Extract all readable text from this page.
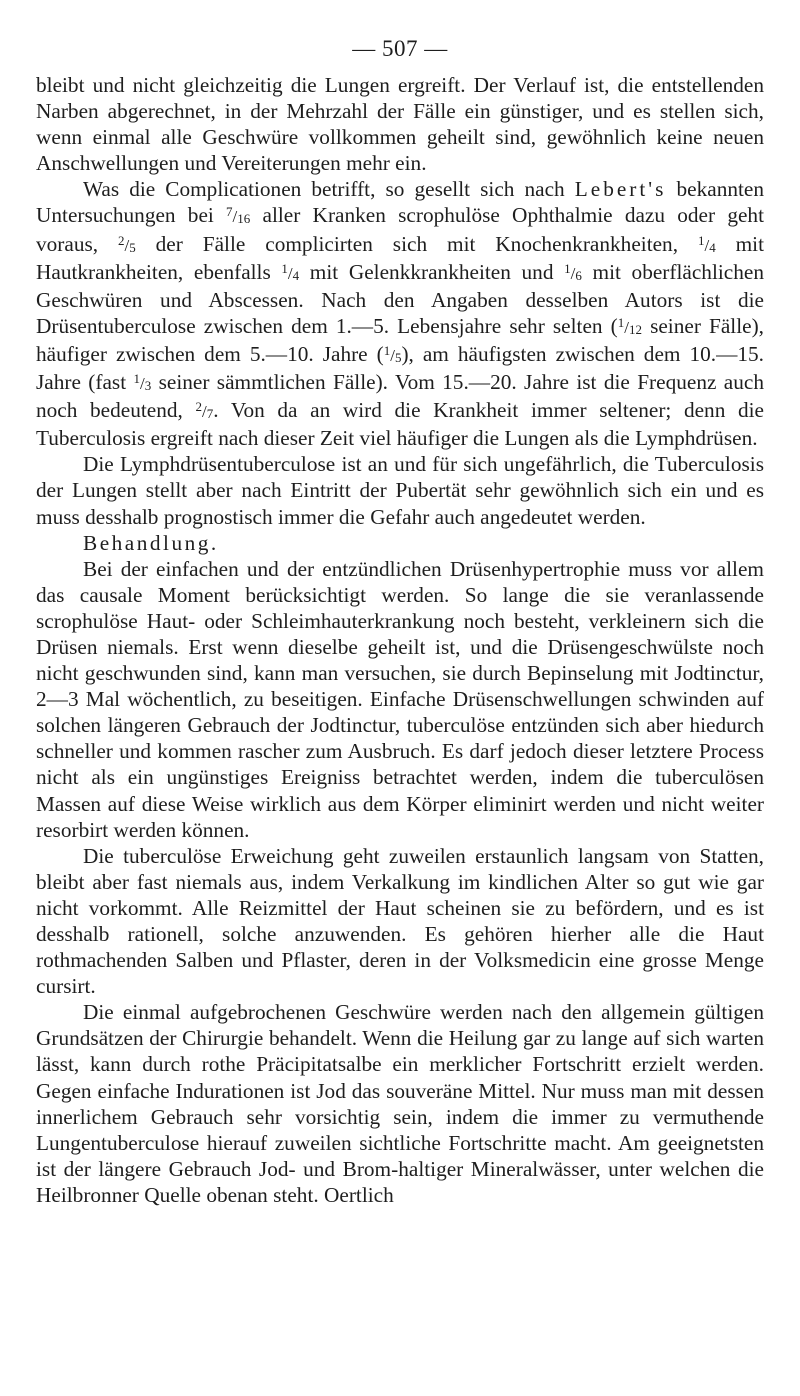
— 507 —

bleibt und nicht gleichzeitig die Lungen ergreift. Der Verlauf ist, die entstellenden Narben abgerechnet, in der Mehrzahl der Fälle ein günstiger, und es stellen sich, wenn einmal alle Geschwüre vollkommen geheilt sind, gewöhnlich keine neuen Anschwellungen und Vereiterungen mehr ein.

Was die Complicationen betrifft, so gesellt sich nach Lebert's bekannten Untersuchungen bei $^7$/16 aller Kranken scrophulöse Ophthalmie dazu oder geht voraus, $^2$/5 der Fälle complicirten sich mit Knochenkrankheiten, $^1$/4 mit Hautkrankheiten, ebenfalls $^1$/4 mit Gelenkkrankheiten und $^1$/6 mit oberflächlichen Geschwüren und Abscessen. Nach den Angaben desselben Autors ist die Drüsentuberculose zwischen dem 1.—5. Lebensjahre sehr selten ($^1$/12 seiner Fälle), häufiger zwischen dem 5.—10. Jahre ($^1$/5), am häufigsten zwischen dem 10.—15. Jahre (fast $^1$/3 seiner sämmtlichen Fälle). Vom 15.—20. Jahre ist die Frequenz auch noch bedeutend, $^2$/7. Von da an wird die Krankheit immer seltener; denn die Tuberculosis ergreift nach dieser Zeit viel häufiger die Lungen als die Lymphdrüsen.

Die Lymphdrüsentuberculose ist an und für sich ungefährlich, die Tuberculosis der Lungen stellt aber nach Eintritt der Pubertät sehr gewöhnlich sich ein und es muss desshalb prognostisch immer die Gefahr auch angedeutet werden.

Behandlung.

Bei der einfachen und der entzündlichen Drüsenhypertrophie muss vor allem das causale Moment berücksichtigt werden. So lange die sie veranlassende scrophulöse Haut- oder Schleimhauterkrankung noch besteht, verkleinern sich die Drüsen niemals. Erst wenn dieselbe geheilt ist, und die Drüsengeschwülste noch nicht geschwunden sind, kann man versuchen, sie durch Bepinselung mit Jodtinctur, 2—3 Mal wöchentlich, zu beseitigen. Einfache Drüsenschwellungen schwinden auf solchen längeren Gebrauch der Jodtinctur, tuberculöse entzünden sich aber hiedurch schneller und kommen rascher zum Ausbruch. Es darf jedoch dieser letztere Process nicht als ein ungünstiges Ereigniss betrachtet werden, indem die tuberculösen Massen auf diese Weise wirklich aus dem Körper eliminirt werden und nicht weiter resorbirt werden können.

Die tuberculöse Erweichung geht zuweilen erstaunlich langsam von Statten, bleibt aber fast niemals aus, indem Verkalkung im kindlichen Alter so gut wie gar nicht vorkommt. Alle Reizmittel der Haut scheinen sie zu befördern, und es ist desshalb rationell, solche anzuwenden. Es gehören hierher alle die Haut rothmachenden Salben und Pflaster, deren in der Volksmedicin eine grosse Menge cursirt.

Die einmal aufgebrochenen Geschwüre werden nach den allgemein gültigen Grundsätzen der Chirurgie behandelt. Wenn die Heilung gar zu lange auf sich warten lässt, kann durch rothe Präcipitatsalbe ein merklicher Fortschritt erzielt werden. Gegen einfache Indurationen ist Jod das souveräne Mittel. Nur muss man mit dessen innerlichem Gebrauch sehr vorsichtig sein, indem die immer zu vermuthende Lungentuberculose hierauf zuweilen sichtliche Fortschritte macht. Am geeignetsten ist der längere Gebrauch Jod- und Brom-haltiger Mineralwässer, unter welchen die Heilbronner Quelle obenan steht. Oertlich
